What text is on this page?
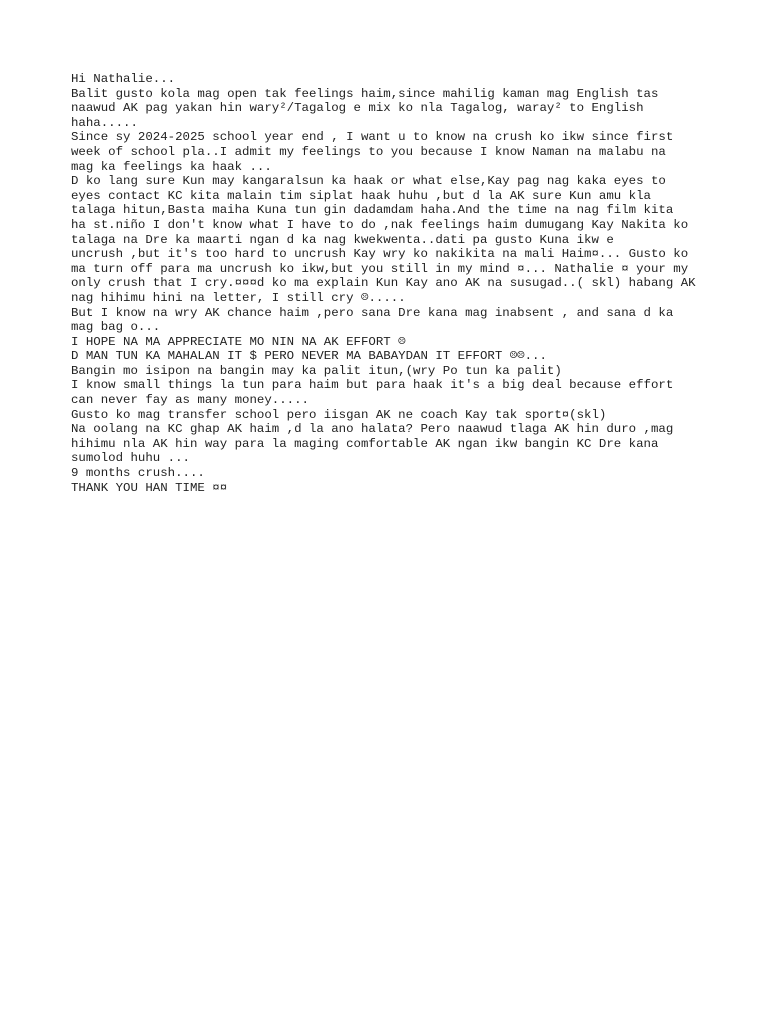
Hi Nathalie...
Balit gusto kola mag open tak feelings haim,since mahilig kaman mag English tas
naawud AK pag yakan hin wary²/Tagalog e mix ko nla Tagalog, waray² to English
haha.....
Since sy 2024-2025 school year end , I want u to know na crush ko ikw since first
week of school pla..I admit my feelings to you because I know Naman na malabu na
mag ka feelings ka haak ...
D ko lang sure Kun may kangaralsun ka haak or what else,Kay pag nag kaka eyes to
eyes contact KC kita malain tim siplat haak huhu ,but d la AK sure Kun amu kla
talaga hitun,Basta maiha Kuna tun gin dadamdam haha.And the time na nag film kita
ha st.niño I don't know what I have to do ,nak feelings haim dumugang Kay Nakita ko
talaga na Dre ka maarti ngan d ka nag kwekwenta..dati pa gusto Kuna ikw e
uncrush ,but it's too hard to uncrush Kay wry ko nakikita na mali Haim¤... Gusto ko
ma turn off para ma uncrush ko ikw,but you still in my mind ¤... Nathalie ¤ your my
only crush that I cry.¤¤¤d ko ma explain Kun Kay ano AK na susugad..( skl) habang AK
nag hihimu hini na letter, I still cry ☹.....
But I know na wry AK chance haim ,pero sana Dre kana mag inabsent , and sana d ka
mag bag o...
I HOPE NA MA APPRECIATE MO NIN NA AK EFFORT ☹
D MAN TUN KA MAHALAN IT $ PERO NEVER MA BABAYDAN IT EFFORT ☹☹...
Bangin mo isipon na bangin may ka palit itun,(wry Po tun ka palit)
I know small things la tun para haim but para haak it's a big deal because effort
can never fay as many money.....
Gusto ko mag transfer school pero iisgan AK ne coach Kay tak sport¤(skl)
Na oolang na KC ghap AK haim ,d la ano halata? Pero naawud tlaga AK hin duro ,mag
hihimu nla AK hin way para la maging comfortable AK ngan ikw bangin KC Dre kana
sumolod huhu ...
9 months crush....
THANK YOU HAN TIME ¤¤
